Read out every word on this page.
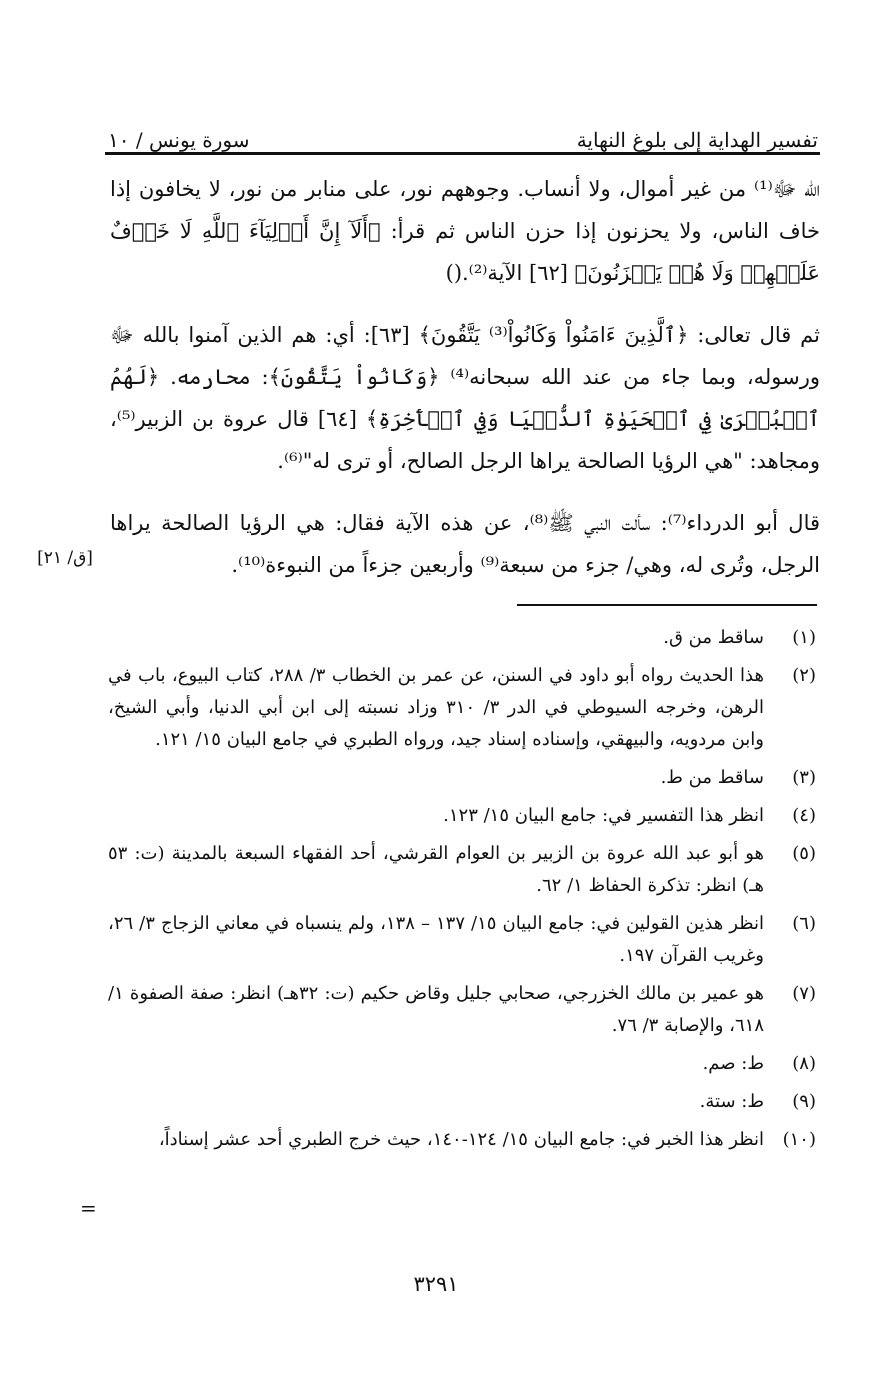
تفسير الهداية إلى بلوغ النهاية
سورة يونس / ١٠

الله ﷻ⁽¹⁾ من غير أموال، ولا أنساب. وجوههم نور، على منابر من نور، لا يخافون إذا خاف الناس، ولا يحزنون إذا حزن الناس ثم قرأ: ﴿أَلَآ إِنَّ أَوۡلِيَآءَ ٱللَّهِ لَا خَوۡفٌ عَلَيۡهِمۡ وَلَا هُمۡ يَحۡزَنُونَ﴾ [٦٢] الآية⁽²⁾.()

ثم قال تعالى: ﴿ٱلَّذِينَ ءَامَنُواْ وَكَانُواْ⁽³⁾ يَتَّقُونَ﴾ [٦٣]: أي: هم الذين آمنوا بالله ﷻ ورسوله، وبما جاء من عند الله سبحانه⁽⁴⁾ ﴿وَكَانُواْ يَتَّقُونَ﴾: محارمه. ﴿لَهُمُ ٱلۡبُشۡرَىٰ فِي ٱلۡحَيَوٰةِ ٱلدُّنۡيَا وَفِي ٱلۡأٓخِرَةِ﴾ [٦٤] قال عروة بن الزبير⁽⁵⁾، ومجاهد: "هي الرؤيا الصالحة يراها الرجل الصالح، أو ترى له"⁽⁶⁾.

قال أبو الدرداء⁽⁷⁾: سألت النبي ﷺ⁽⁸⁾، عن هذه الآية فقال: هي الرؤيا الصالحة يراها الرجل، وتُرى له، وهي/ جزء من سبعة⁽⁹⁾ وأربعين جزءاً من النبوءة⁽¹⁰⁾.

[ق/ ٢١]
(١)
ساقط من ق.
(٢)
هذا الحديث رواه أبو داود في السنن، عن عمر بن الخطاب ٣/ ٢٨٨، كتاب البيوع، باب في الرهن، وخرجه السيوطي في الدر ٣/ ٣١٠ وزاد نسبته إلى ابن أبي الدنيا، وأبي الشيخ، وابن مردويه، والبيهقي، وإسناده إسناد جيد، ورواه الطبري في جامع البيان ١٥/ ١٢١.
(٣)
ساقط من ط.
(٤)
انظر هذا التفسير في: جامع البيان ١٥/ ١٢٣.
(٥)
هو أبو عبد الله عروة بن الزبير بن العوام القرشي، أحد الفقهاء السبعة بالمدينة (ت: ٥٣ هـ) انظر: تذكرة الحفاظ ١/ ٦٢.
(٦)
انظر هذين القولين في: جامع البيان ١٥/ ١٣٧ – ١٣٨، ولم ينسباه في معاني الزجاج ٣/ ٢٦، وغريب القرآن ١٩٧.
(٧)
هو عمير بن مالك الخزرجي، صحابي جليل وقاض حكيم (ت: ٣٢هـ) انظر: صفة الصفوة ١/ ٦١٨، والإصابة ٣/ ٧٦.
(٨)
ط: صم.
(٩)
ط: ستة.
(١٠)
انظر هذا الخبر في: جامع البيان ١٥/ ١٢٤-١٤٠، حيث خرج الطبري أحد عشر إسناداً،
=
٣٢٩١
